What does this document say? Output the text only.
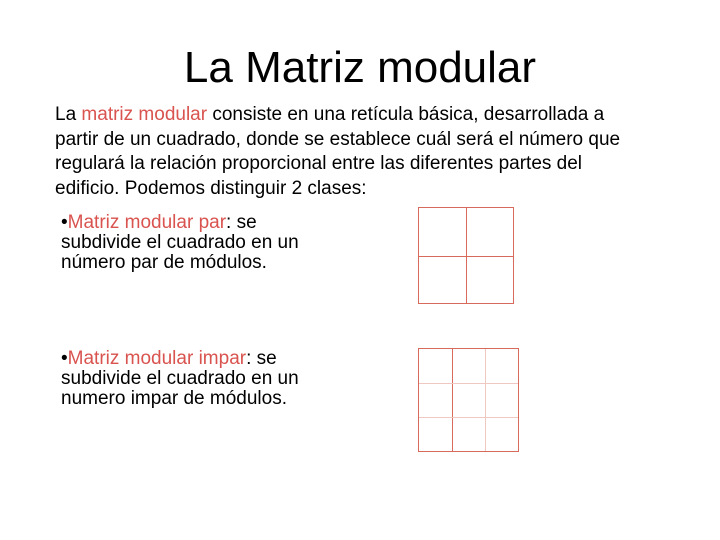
La Matriz modular
La matriz modular consiste en una retícula básica, desarrollada a partir de un cuadrado, donde se establece cuál será el número que regulará la relación proporcional entre las diferentes partes del edificio. Podemos distinguir 2 clases:
•Matriz modular par: se subdivide el cuadrado en un número par de módulos.
•Matriz modular impar: se subdivide el cuadrado en un numero impar de módulos.
